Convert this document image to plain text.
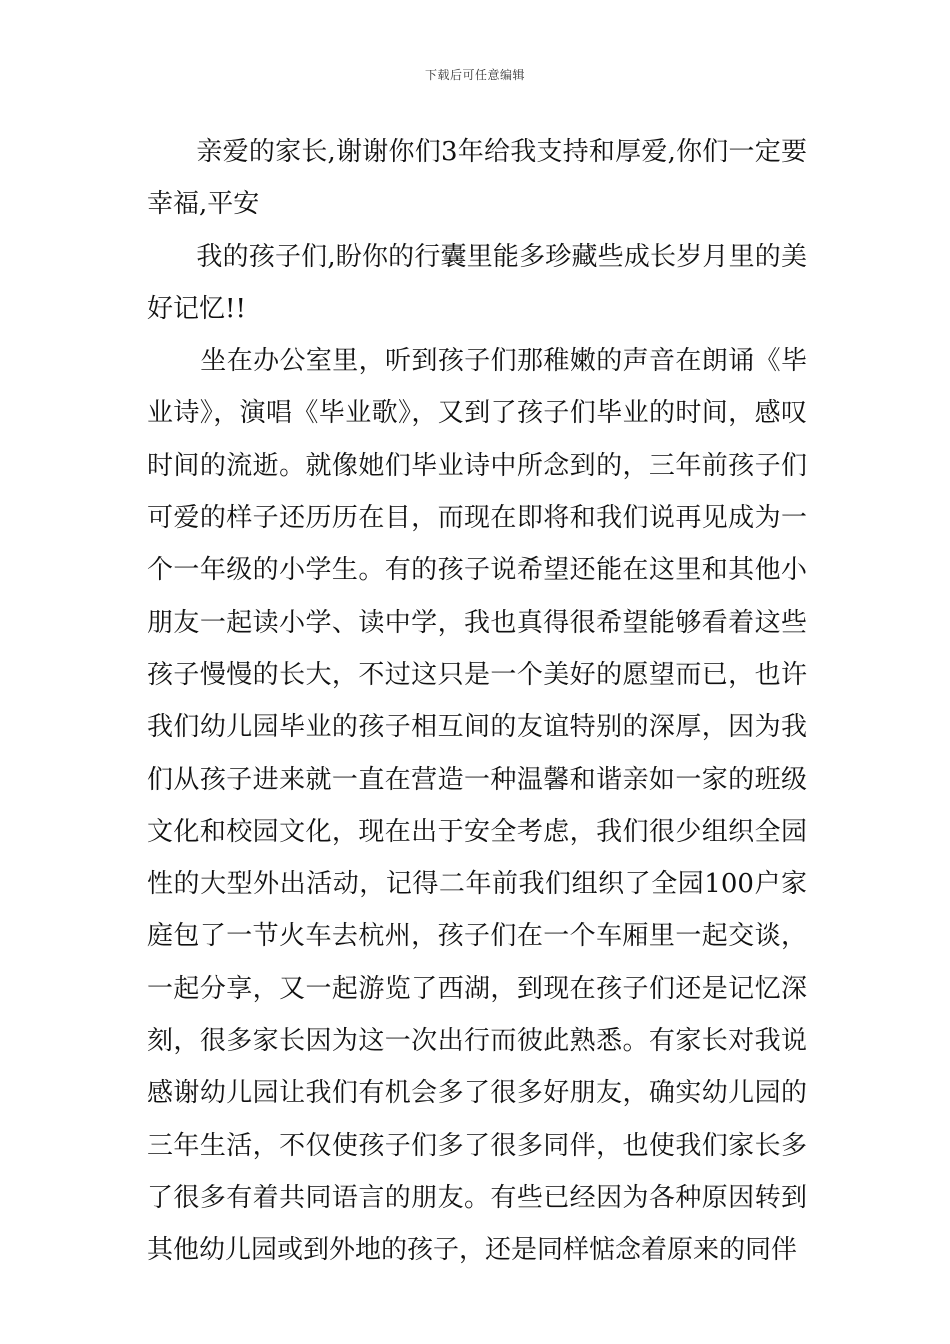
下载后可任意编辑

亲爱的家长,谢谢你们3年给我支持和厚爱,你们一定要幸福,平安

我的孩子们,盼你的行囊里能多珍藏些成长岁月里的美好记忆!!

坐在办公室里，听到孩子们那稚嫩的声音在朗诵《毕业诗》，演唱《毕业歌》，又到了孩子们毕业的时间，感叹时间的流逝。就像她们毕业诗中所念到的，三年前孩子们可爱的样子还历历在目，而现在即将和我们说再见成为一个一年级的小学生。有的孩子说希望还能在这里和其他小朋友一起读小学、读中学，我也真得很希望能够看着这些孩子慢慢的长大，不过这只是一个美好的愿望而已，也许我们幼儿园毕业的孩子相互间的友谊特别的深厚，因为我们从孩子进来就一直在营造一种温馨和谐亲如一家的班级文化和校园文化，现在出于安全考虑，我们很少组织全园性的大型外出活动，记得二年前我们组织了全园100户家庭包了一节火车去杭州，孩子们在一个车厢里一起交谈，一起分享，又一起游览了西湖，到现在孩子们还是记忆深刻，很多家长因为这一次出行而彼此熟悉。有家长对我说感谢幼儿园让我们有机会多了很多好朋友，确实幼儿园的三年生活，不仅使孩子们多了很多同伴，也使我们家长多了很多有着共同语言的朋友。有些已经因为各种原因转到其他幼儿园或到外地的孩子，还是同样惦念着原来的同伴
